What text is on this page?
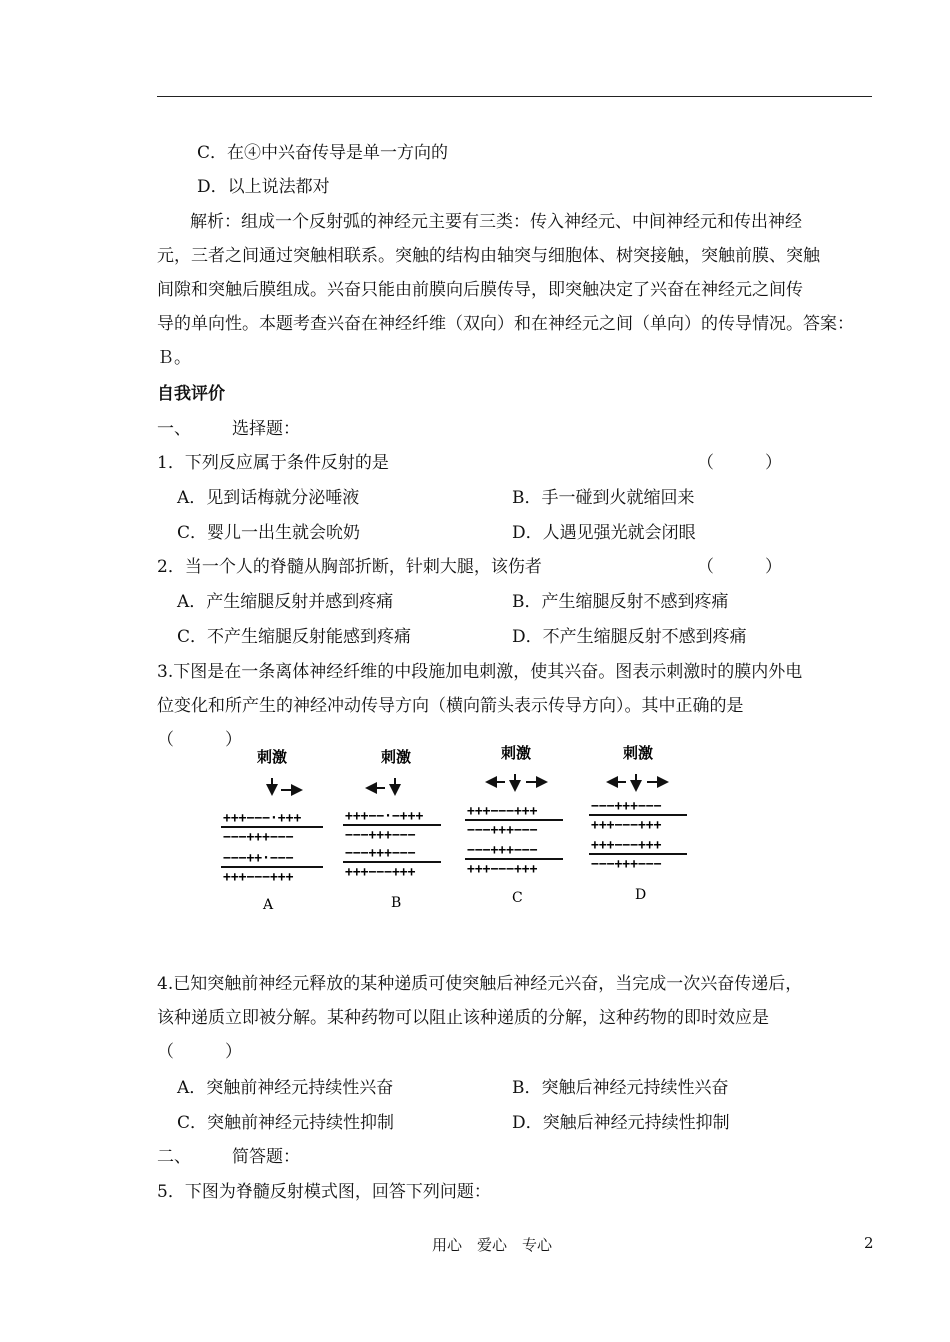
C．在④中兴奋传导是单一方向的
D．以上说法都对
解析：组成一个反射弧的神经元主要有三类：传入神经元、中间神经元和传出神经
元，三者之间通过突触相联系。突触的结构由轴突与细胞体、树突接触，突触前膜、突触
间隙和突触后膜组成。兴奋只能由前膜向后膜传导，即突触决定了兴奋在神经元之间传
导的单向性。本题考查兴奋在神经纤维（双向）和在神经元之间（单向）的传导情况。答案：
Ｂ。
自我评价
一、 选择题：
1．下列反应属于条件反射的是	（　　　）
A．见到话梅就分泌唾液	B．手一碰到火就缩回来
C．婴儿一出生就会吮奶	D．人遇见强光就会闭眼
2．当一个人的脊髓从胸部折断，针刺大腿，该伤者	（　　　）
A．产生缩腿反射并感到疼痛	B．产生缩腿反射不感到疼痛
C．不产生缩腿反射能感到疼痛	D．不产生缩腿反射不感到疼痛
3.下图是在一条离体神经纤维的中段施加电刺激，使其兴奋。图表示刺激时的膜内外电
位变化和所产生的神经冲动传导方向（横向箭头表示传导方向）。其中正确的是
（　　　）
刺激
+++−−−·+++
−−−+++−−−
−−−++·−−−
+++−−−+++
A
刺激
+++−−·−+++
−−−+++−−−
−−−+++−−−
+++−−−+++
B
刺激
+++−−−+++
−−−+++−−−
−−−+++−−−
+++−−−+++
C
刺激
−−−+++−−−
+++−−−+++
+++−−−+++
−−−+++−−−
D
4.已知突触前神经元释放的某种递质可使突触后神经元兴奋，当完成一次兴奋传递后，
该种递质立即被分解。某种药物可以阻止该种递质的分解，这种药物的即时效应是
（　　　）
A．突触前神经元持续性兴奋	B．突触后神经元持续性兴奋
C．突触前神经元持续性抑制	D．突触后神经元持续性抑制
二、 简答题：
5．下图为脊髓反射模式图，回答下列问题：
用心　爱心　专心	2
